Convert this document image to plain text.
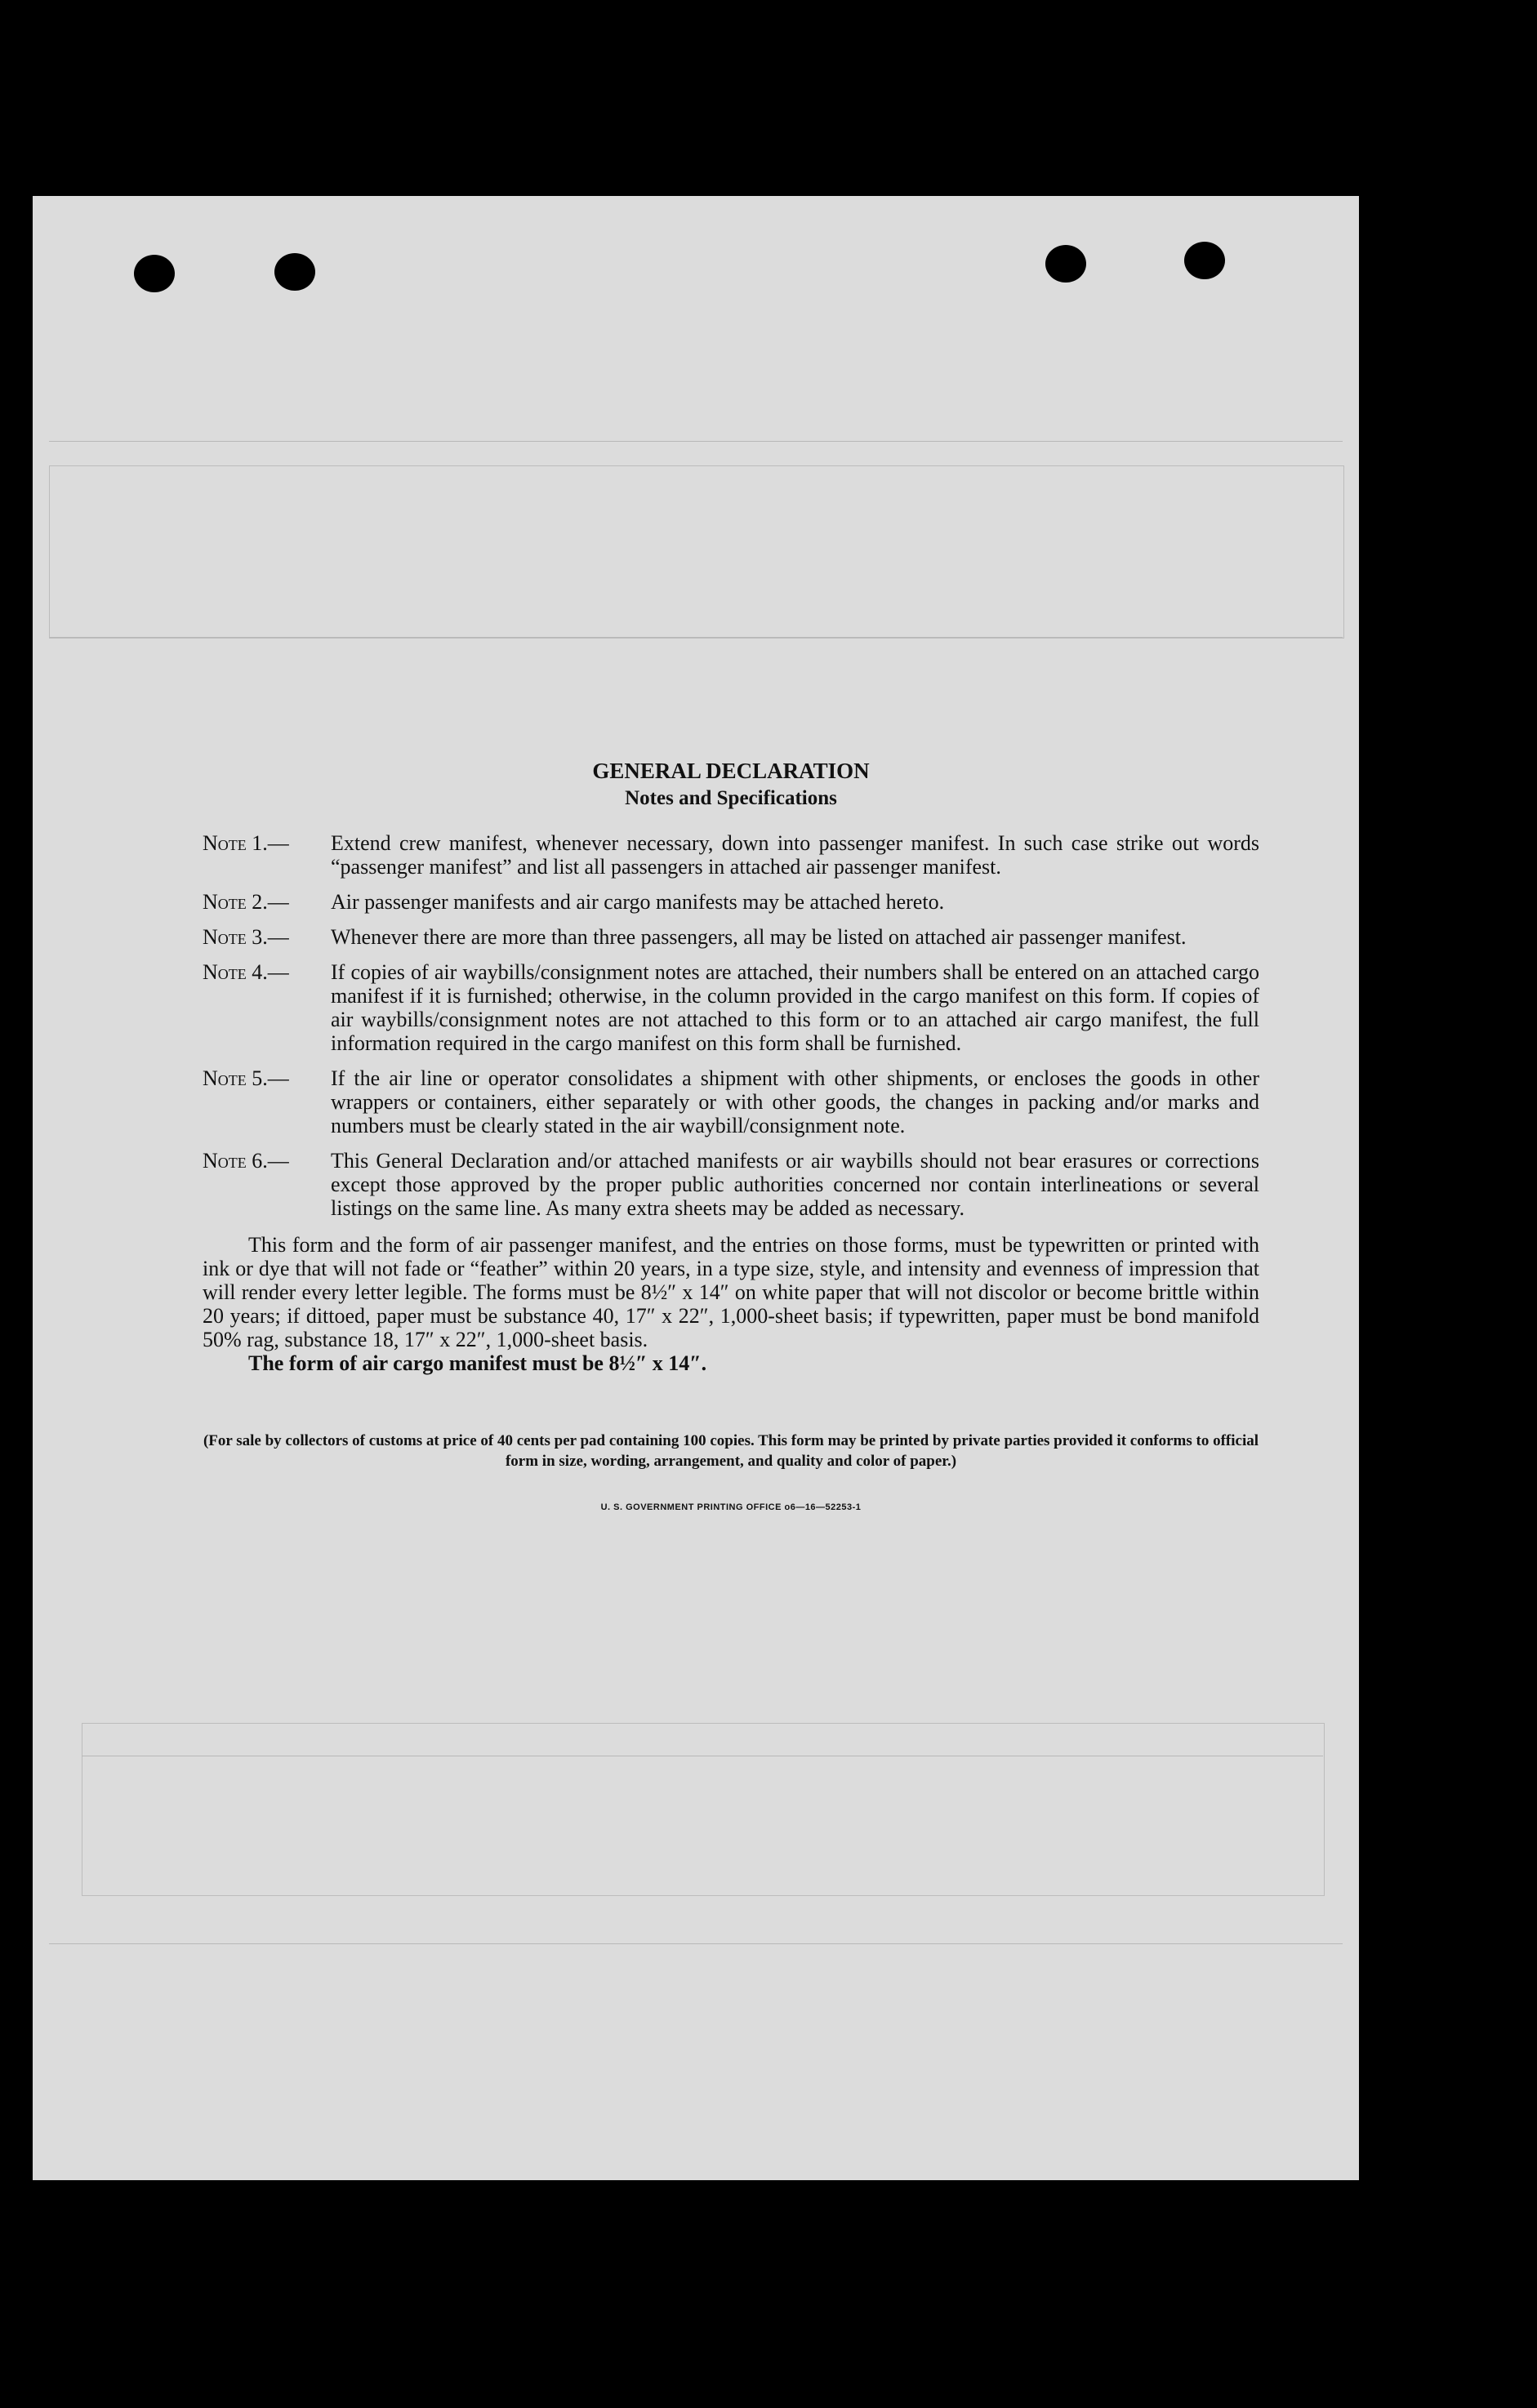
GENERAL DECLARATION
Notes and Specifications
Note 1.—	Extend crew manifest, whenever necessary, down into passenger manifest. In such case strike out words “passenger manifest” and list all passengers in attached air passenger manifest.
Note 2.—	Air passenger manifests and air cargo manifests may be attached hereto.
Note 3.—	Whenever there are more than three passengers, all may be listed on attached air passenger manifest.
Note 4.—	If copies of air waybills/consignment notes are attached, their numbers shall be entered on an attached cargo manifest if it is furnished; otherwise, in the column provided in the cargo manifest on this form. If copies of air waybills/consignment notes are not attached to this form or to an attached air cargo manifest, the full information required in the cargo manifest on this form shall be furnished.
Note 5.—	If the air line or operator consolidates a shipment with other shipments, or encloses the goods in other wrappers or containers, either separately or with other goods, the changes in packing and/or marks and numbers must be clearly stated in the air waybill/consignment note.
Note 6.—	This General Declaration and/or attached manifests or air waybills should not bear erasures or corrections except those approved by the proper public authorities concerned nor contain interlineations or several listings on the same line. As many extra sheets may be added as necessary.
This form and the form of air passenger manifest, and the entries on those forms, must be typewritten or printed with ink or dye that will not fade or “feather” within 20 years, in a type size, style, and intensity and evenness of impression that will render every letter legible. The forms must be 8½″ x 14″ on white paper that will not discolor or become brittle within 20 years; if dittoed, paper must be substance 40, 17″ x 22″, 1,000-sheet basis; if typewritten, paper must be bond manifold 50% rag, substance 18, 17″ x 22″, 1,000-sheet basis.
The form of air cargo manifest must be 8½″ x 14″.
(For sale by collectors of customs at price of 40 cents per pad containing 100 copies. This form may be printed by private parties provided it conforms to official form in size, wording, arrangement, and quality and color of paper.)
U. S. GOVERNMENT PRINTING OFFICE o6—16—52253-1
